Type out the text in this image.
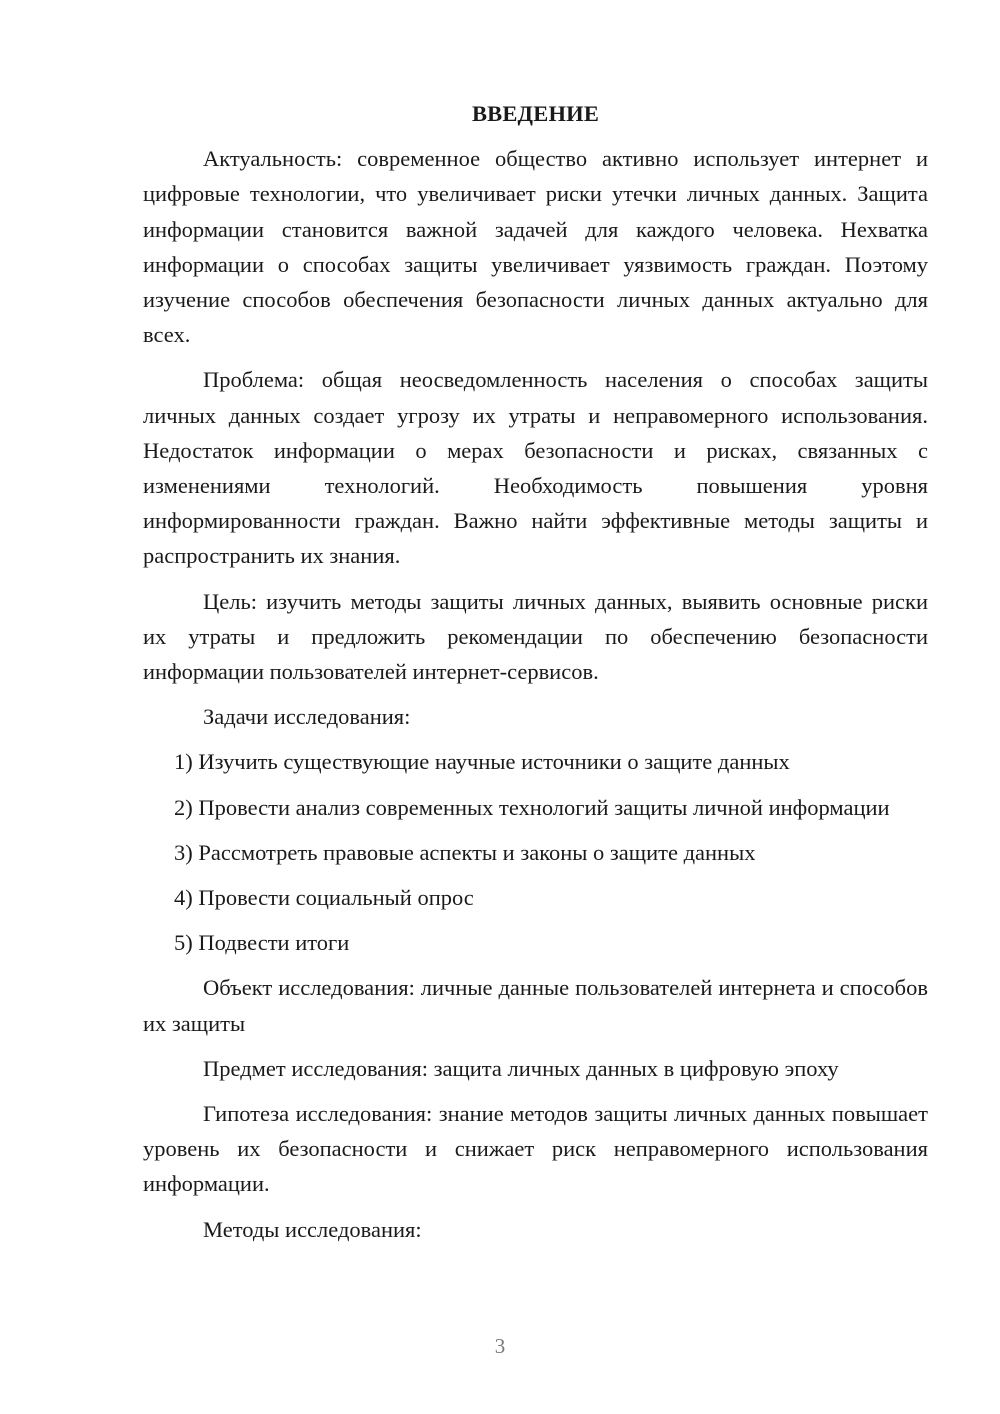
ВВЕДЕНИЕ

Актуальность: современное общество активно использует интернет и цифровые технологии, что увеличивает риски утечки личных данных. Защита информации становится важной задачей для каждого человека. Нехватка информации о способах защиты увеличивает уязвимость граждан. Поэтому изучение способов обеспечения безопасности личных данных актуально для всех.

Проблема: общая неосведомленность населения о способах защиты личных данных создает угрозу их утраты и неправомерного использования. Недостаток информации о мерах безопасности и рисках, связанных с изменениями технологий. Необходимость повышения уровня информированности граждан. Важно найти эффективные методы защиты и распространить их знания.

Цель: изучить методы защиты личных данных, выявить основные риски их утраты и предложить рекомендации по обеспечению безопасности информации пользователей интернет-сервисов.

Задачи исследования:

1) Изучить существующие научные источники о защите данных

2) Провести анализ современных технологий защиты личной информации

3) Рассмотреть правовые аспекты и законы о защите данных

4) Провести социальный опрос

5) Подвести итоги

Объект исследования: личные данные пользователей интернета и способов их защиты

Предмет исследования: защита личных данных в цифровую эпоху

Гипотеза исследования: знание методов защиты личных данных повышает уровень их безопасности и снижает риск неправомерного использования информации.

Методы исследования:

3
